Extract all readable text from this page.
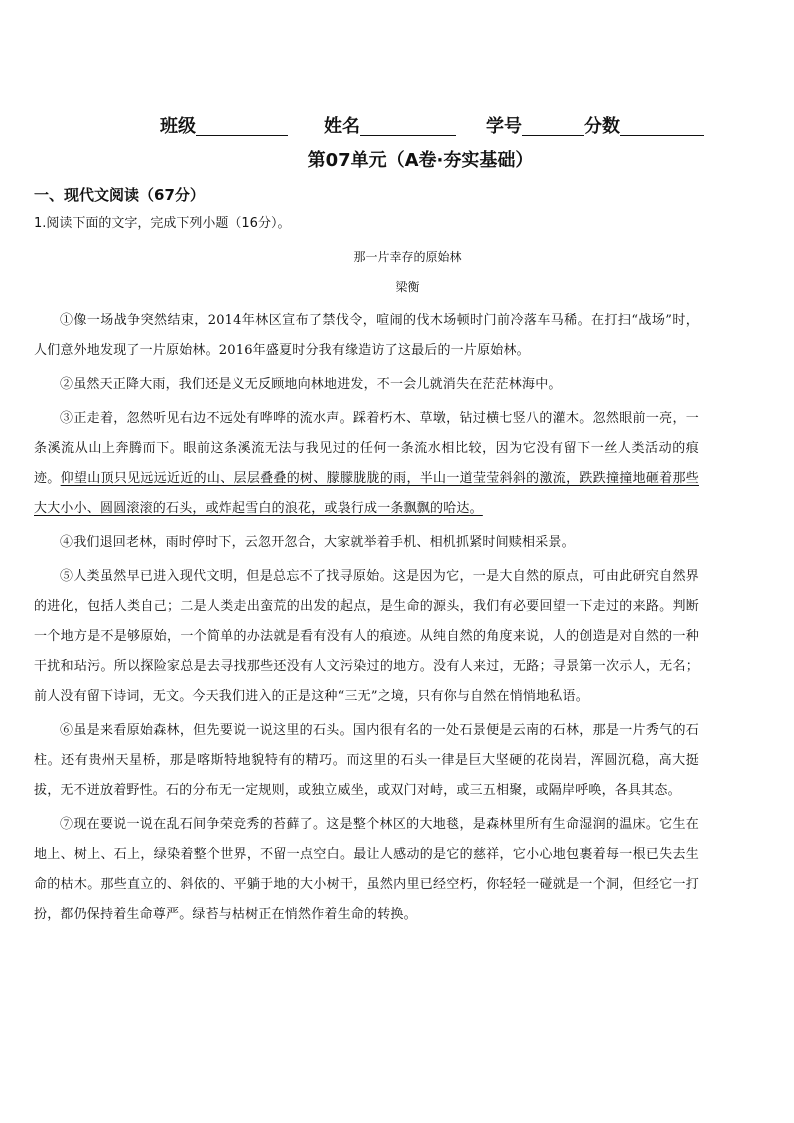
班级	姓名	学号	分数
第07单元（A卷·夯实基础）
一、现代文阅读（67分）
1.阅读下面的文字，完成下列小题（16分）。
那一片幸存的原始林
梁衡

①像一场战争突然结束，2014年林区宣布了禁伐令，喧闹的伐木场顿时门前冷落车马稀。在打扫“战场”时，人们意外地发现了一片原始林。2016年盛夏时分我有缘造访了这最后的一片原始林。

②虽然天正降大雨，我们还是义无反顾地向林地进发，不一会儿就消失在茫茫林海中。

③正走着，忽然听见右边不远处有哗哗的流水声。踩着朽木、草墩，钻过横七竖八的灌木。忽然眼前一亮，一条溪流从山上奔腾而下。眼前这条溪流无法与我见过的任何一条流水相比较，因为它没有留下一丝人类活动的痕迹。仰望山顶只见远远近近的山、层层叠叠的树、朦朦胧胧的雨，半山一道莹莹斜斜的激流，跌跌撞撞地砸着那些大大小小、圆圆滚滚的石头，或炸起雪白的浪花，或袅行成一条飘飘的哈达。

④我们退回老林，雨时停时下，云忽开忽合，大家就举着手机、相机抓紧时间赎相采景。

⑤人类虽然早已进入现代文明，但是总忘不了找寻原始。这是因为它，一是大自然的原点，可由此研究自然界的进化，包括人类自己；二是人类走出蛮荒的出发的起点，是生命的源头，我们有必要回望一下走过的来路。判断一个地方是不是够原始，一个简单的办法就是看有没有人的痕迹。从纯自然的角度来说，人的创造是对自然的一种干扰和玷污。所以探险家总是去寻找那些还没有人文污染过的地方。没有人来过，无路；寻景第一次示人，无名；前人没有留下诗词，无文。今天我们进入的正是这种“三无”之境，只有你与自然在悄悄地私语。

⑥虽是来看原始森林，但先要说一说这里的石头。国内很有名的一处石景便是云南的石林，那是一片秀气的石柱。还有贵州天星桥，那是喀斯特地貌特有的精巧。而这里的石头一律是巨大坚硬的花岗岩，浑圆沉稳，高大挺拔，无不迸放着野性。石的分布无一定规则，或独立威坐，或双门对峙，或三五相聚，或隔岸呼唤，各具其态。

⑦现在要说一说在乱石间争荣竞秀的苔藓了。这是整个林区的大地毯，是森林里所有生命湿润的温床。它生在地上、树上、石上，绿染着整个世界，不留一点空白。最让人感动的是它的慈祥，它小心地包裹着每一根已失去生命的枯木。那些直立的、斜依的、平躺于地的大小树干，虽然内里已经空朽，你轻轻一碰就是一个洞，但经它一打扮，都仍保持着生命尊严。绿苔与枯树正在悄然作着生命的转换。
